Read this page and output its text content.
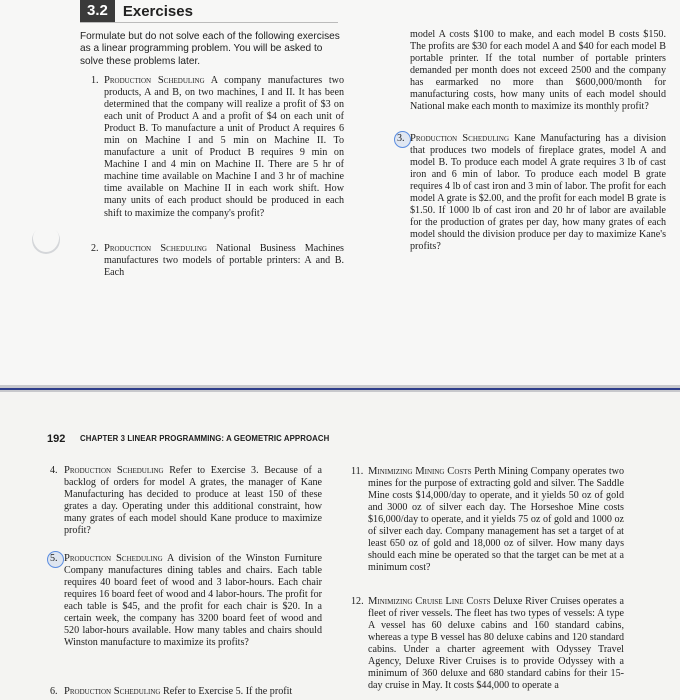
3.2	Exercises
Formulate but do not solve each of the following exercises as a linear programming problem. You will be asked to solve these problems later.
1. Production Scheduling A company manufactures two products, A and B, on two machines, I and II. It has been determined that the company will realize a profit of $3 on each unit of Product A and a profit of $4 on each unit of Product B. To manufacture a unit of Product A requires 6 min on Machine I and 5 min on Machine II. To manufacture a unit of Product B requires 9 min on Machine I and 4 min on Machine II. There are 5 hr of machine time available on Machine I and 3 hr of machine time available on Machine II in each work shift. How many units of each product should be produced in each shift to maximize the company's profit?
2. Production Scheduling National Business Machines manufactures two models of portable printers: A and B. Each
model A costs $100 to make, and each model B costs $150. The profits are $30 for each model A and $40 for each model B portable printer. If the total number of portable printers demanded per month does not exceed 2500 and the company has earmarked no more than $600,000/month for manufacturing costs, how many units of each model should National make each month to maximize its monthly profit?
3. Production Scheduling Kane Manufacturing has a division that produces two models of fireplace grates, model A and model B. To produce each model A grate requires 3 lb of cast iron and 6 min of labor. To produce each model B grate requires 4 lb of cast iron and 3 min of labor. The profit for each model A grate is $2.00, and the profit for each model B grate is $1.50. If 1000 lb of cast iron and 20 hr of labor are available for the production of grates per day, how many grates of each model should the division produce per day to maximize Kane's profits?
192 CHAPTER 3 LINEAR PROGRAMMING: A GEOMETRIC APPROACH
4. Production Scheduling Refer to Exercise 3. Because of a backlog of orders for model A grates, the manager of Kane Manufacturing has decided to produce at least 150 of these grates a day. Operating under this additional constraint, how many grates of each model should Kane produce to maximize profit?
5. Production Scheduling A division of the Winston Furniture Company manufactures dining tables and chairs. Each table requires 40 board feet of wood and 3 labor-hours. Each chair requires 16 board feet of wood and 4 labor-hours. The profit for each table is $45, and the profit for each chair is $20. In a certain week, the company has 3200 board feet of wood and 520 labor-hours available. How many tables and chairs should Winston manufacture to maximize its profits?
6. Production Scheduling Refer to Exercise 5. If the profit
11. Minimizing Mining Costs Perth Mining Company operates two mines for the purpose of extracting gold and silver. The Saddle Mine costs $14,000/day to operate, and it yields 50 oz of gold and 3000 oz of silver each day. The Horseshoe Mine costs $16,000/day to operate, and it yields 75 oz of gold and 1000 oz of silver each day. Company management has set a target of at least 650 oz of gold and 18,000 oz of silver. How many days should each mine be operated so that the target can be met at a minimum cost?
12. Minimizing Cruise Line Costs Deluxe River Cruises operates a fleet of river vessels. The fleet has two types of vessels: A type A vessel has 60 deluxe cabins and 160 standard cabins, whereas a type B vessel has 80 deluxe cabins and 120 standard cabins. Under a charter agreement with Odyssey Travel Agency, Deluxe River Cruises is to provide Odyssey with a minimum of 360 deluxe and 680 standard cabins for their 15-day cruise in May. It costs $44,000 to operate a
